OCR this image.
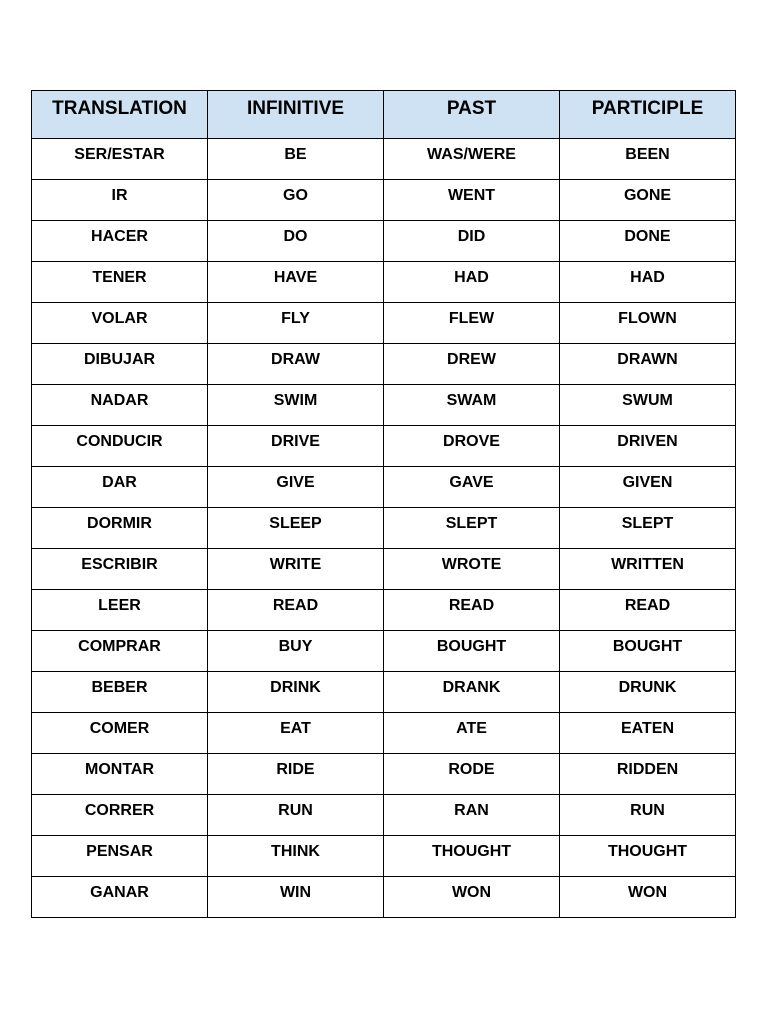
TRANSLATION	INFINITIVE	PAST	PARTICIPLE
SER/ESTAR	BE	WAS/WERE	BEEN
IR	GO	WENT	GONE
HACER	DO	DID	DONE
TENER	HAVE	HAD	HAD
VOLAR	FLY	FLEW	FLOWN
DIBUJAR	DRAW	DREW	DRAWN
NADAR	SWIM	SWAM	SWUM
CONDUCIR	DRIVE	DROVE	DRIVEN
DAR	GIVE	GAVE	GIVEN
DORMIR	SLEEP	SLEPT	SLEPT
ESCRIBIR	WRITE	WROTE	WRITTEN
LEER	READ	READ	READ
COMPRAR	BUY	BOUGHT	BOUGHT
BEBER	DRINK	DRANK	DRUNK
COMER	EAT	ATE	EATEN
MONTAR	RIDE	RODE	RIDDEN
CORRER	RUN	RAN	RUN
PENSAR	THINK	THOUGHT	THOUGHT
GANAR	WIN	WON	WON
